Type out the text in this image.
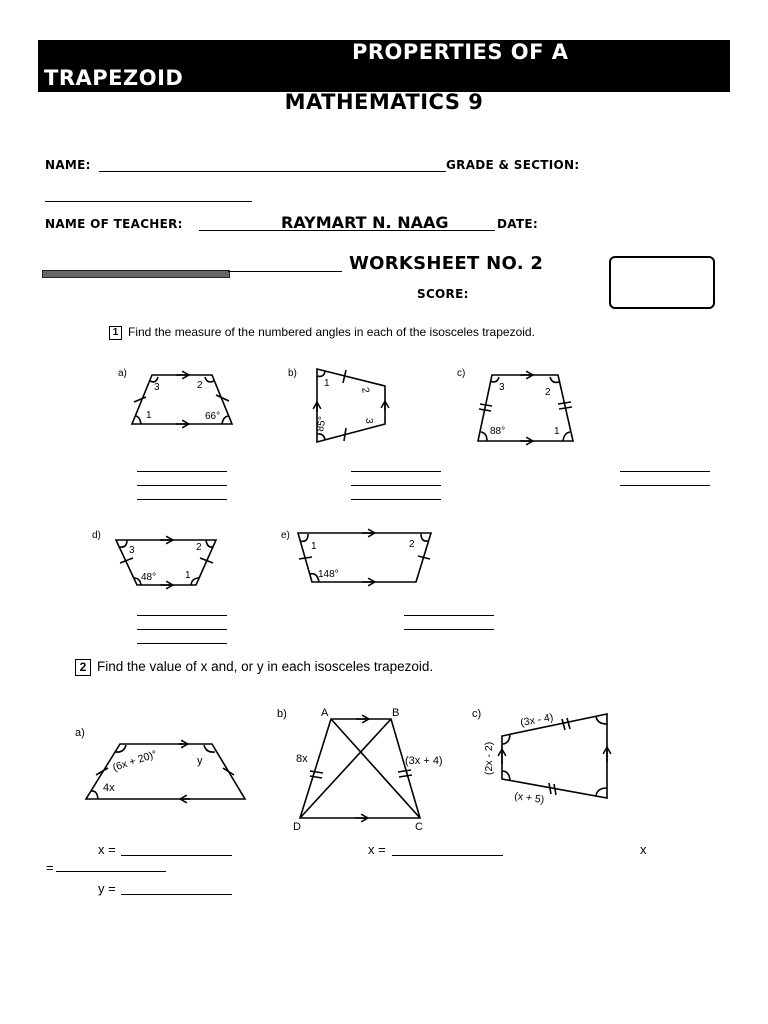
PROPERTIES OF A
TRAPEZOID
MATHEMATICS 9
NAME:	GRADE & SECTION:
NAME OF TEACHER:	RAYMART N. NAAG	DATE:
WORKSHEET NO. 2
SCORE:
1 Find the measure of the numbered angles in each of the isosceles trapezoid.
a)
3	2
1	66°
b)
1
2
3
85°
c)
3	2
88°	1
d)
3	2
48°	1
e)
1	2
148°
a)
(6x + 20)°	y
4x
b)	A	B
C
D
8x	(3x + 4)
c)	(3x - 4)
(2x - 2)
(x + 5)
2 Find the value of x and, or y in each isosceles trapezoid.
x =
y =
x =	x
=
